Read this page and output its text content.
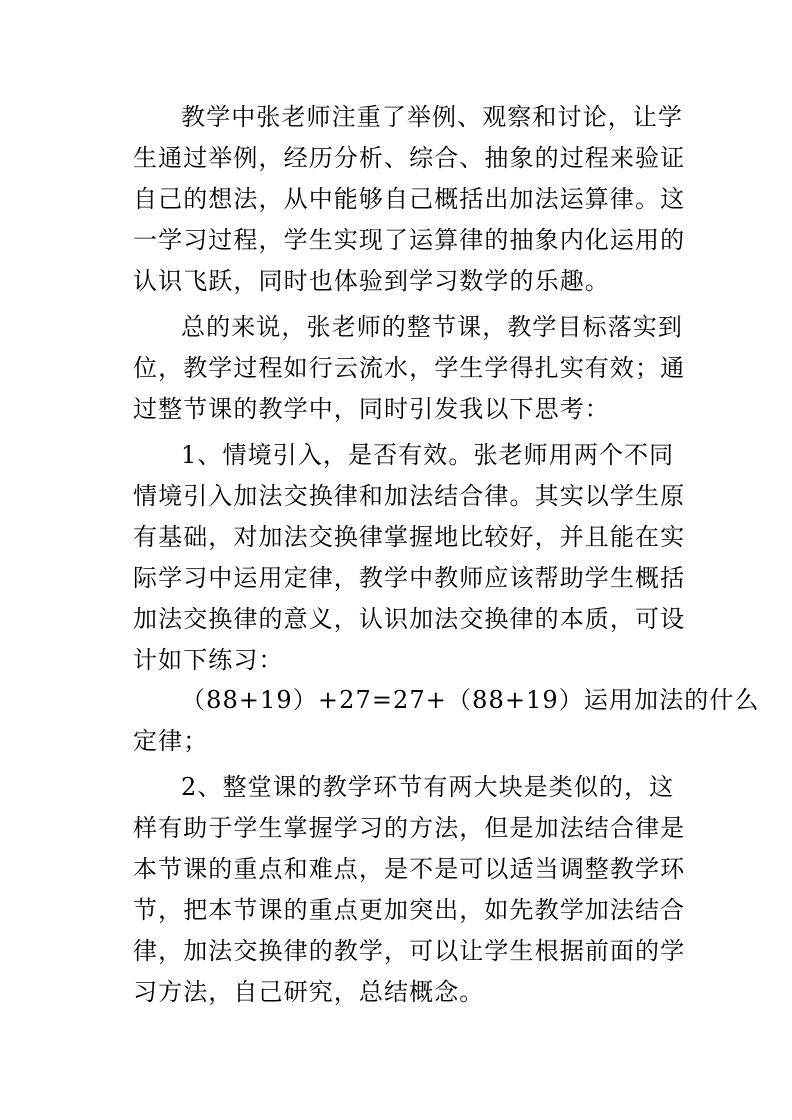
教学中张老师注重了举例、观察和讨论，让学
生通过举例，经历分析、综合、抽象的过程来验证
自己的想法，从中能够自己概括出加法运算律。这
一学习过程，学生实现了运算律的抽象内化运用的
认识飞跃，同时也体验到学习数学的乐趣。
总的来说，张老师的整节课，教学目标落实到
位，教学过程如行云流水，学生学得扎实有效；通
过整节课的教学中，同时引发我以下思考：
1、情境引入，是否有效。张老师用两个不同
情境引入加法交换律和加法结合律。其实以学生原
有基础，对加法交换律掌握地比较好，并且能在实
际学习中运用定律，教学中教师应该帮助学生概括
加法交换律的意义，认识加法交换律的本质，可设
计如下练习：
（88+19）+27=27+（88+19）运用加法的什么
定律；
2、整堂课的教学环节有两大块是类似的，这
样有助于学生掌握学习的方法，但是加法结合律是
本节课的重点和难点，是不是可以适当调整教学环
节，把本节课的重点更加突出，如先教学加法结合
律，加法交换律的教学，可以让学生根据前面的学
习方法，自己研究，总结概念。
